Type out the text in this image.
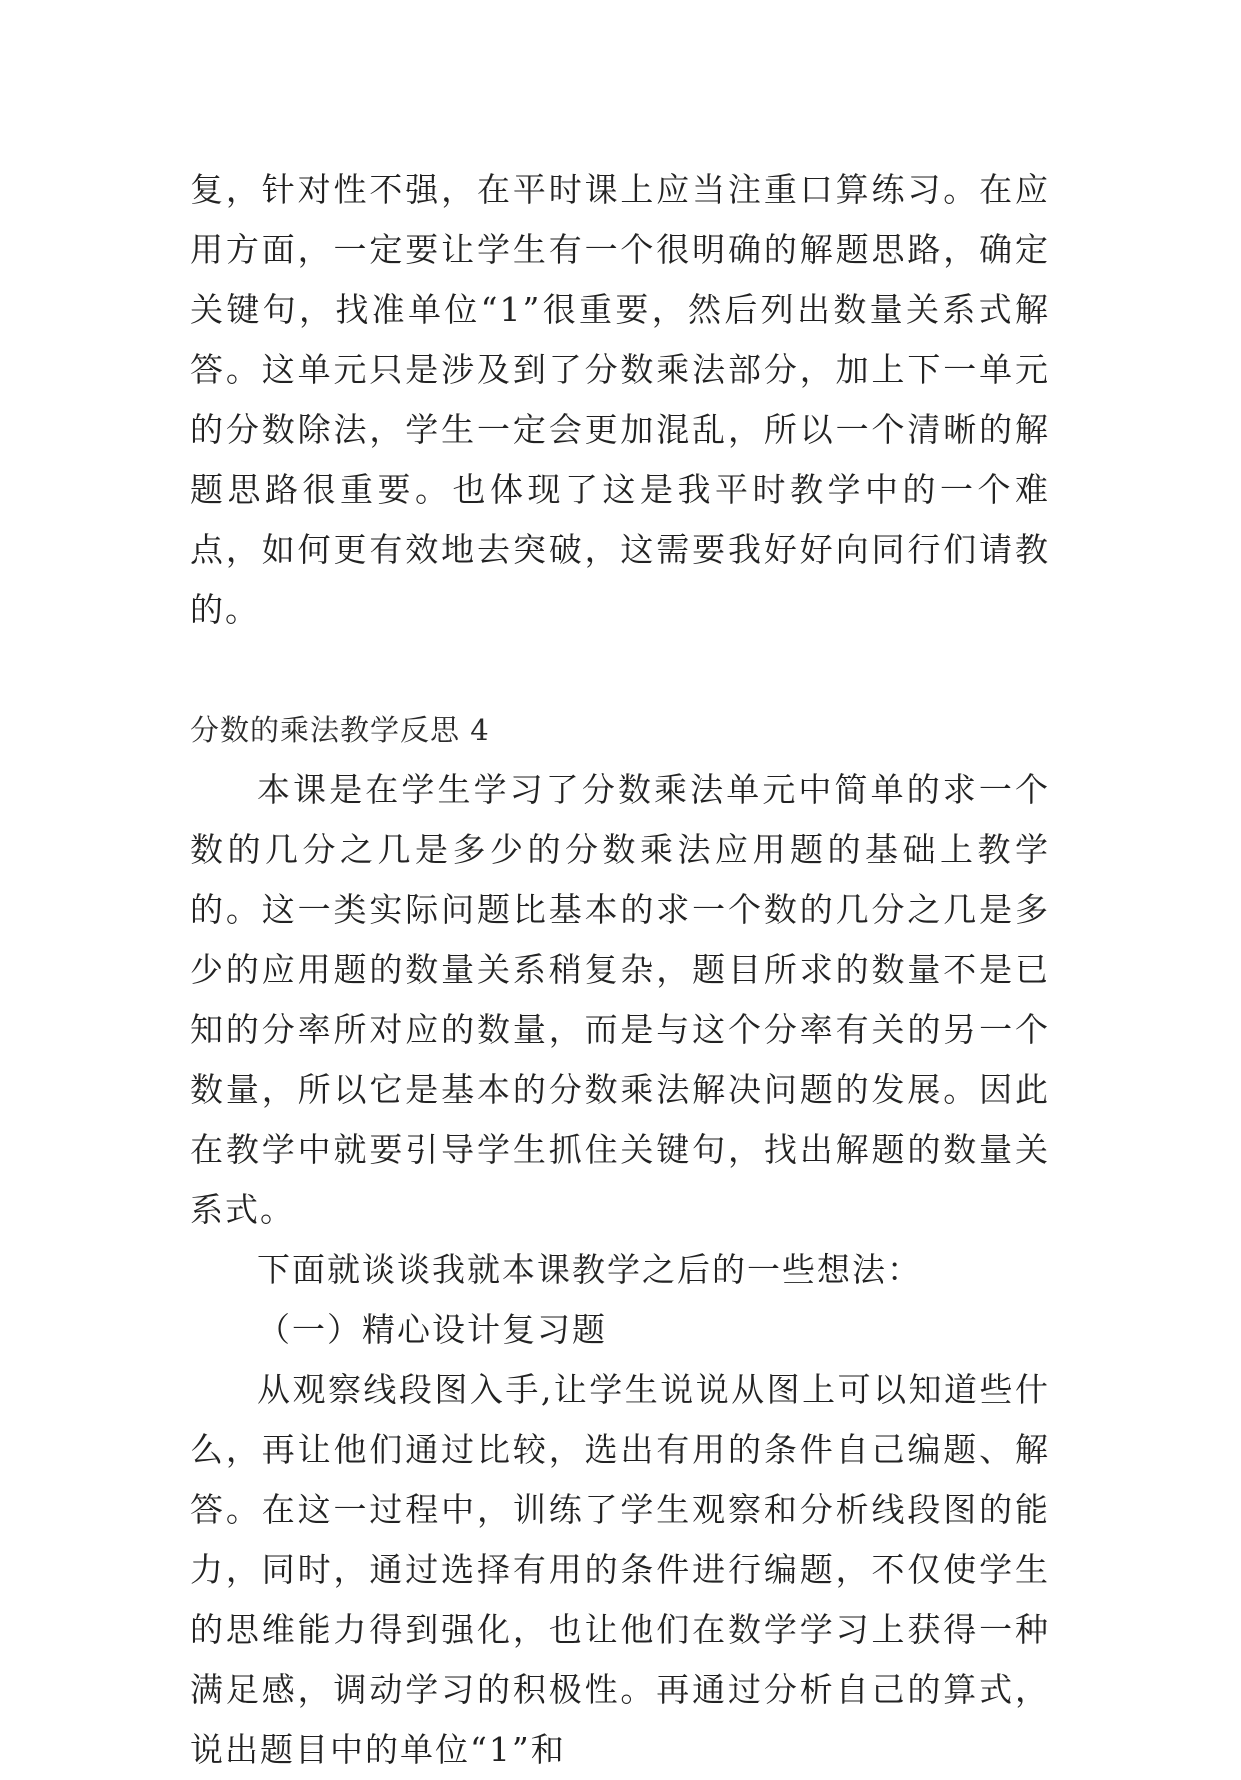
复，针对性不强，在平时课上应当注重口算练习。在应用方面，一定要让学生有一个很明确的解题思路，确定关键句，找准单位“1”很重要，然后列出数量关系式解答。这单元只是涉及到了分数乘法部分，加上下一单元的分数除法，学生一定会更加混乱，所以一个清晰的解题思路很重要。也体现了这是我平时教学中的一个难点，如何更有效地去突破，这需要我好好向同行们请教的。

分数的乘法教学反思 4

本课是在学生学习了分数乘法单元中简单的求一个数的几分之几是多少的分数乘法应用题的基础上教学的。这一类实际问题比基本的求一个数的几分之几是多少的应用题的数量关系稍复杂，题目所求的数量不是已知的分率所对应的数量，而是与这个分率有关的另一个数量，所以它是基本的分数乘法解决问题的发展。因此在教学中就要引导学生抓住关键句，找出解题的数量关系式。

下面就谈谈我就本课教学之后的一些想法：

（一）精心设计复习题

从观察线段图入手,让学生说说从图上可以知道些什么，再让他们通过比较，选出有用的条件自己编题、解答。在这一过程中，训练了学生观察和分析线段图的能力，同时，通过选择有用的条件进行编题，不仅使学生的思维能力得到强化，也让他们在数学学习上获得一种满足感，调动学习的积极性。再通过分析自己的算式，说出题目中的单位“1”和
